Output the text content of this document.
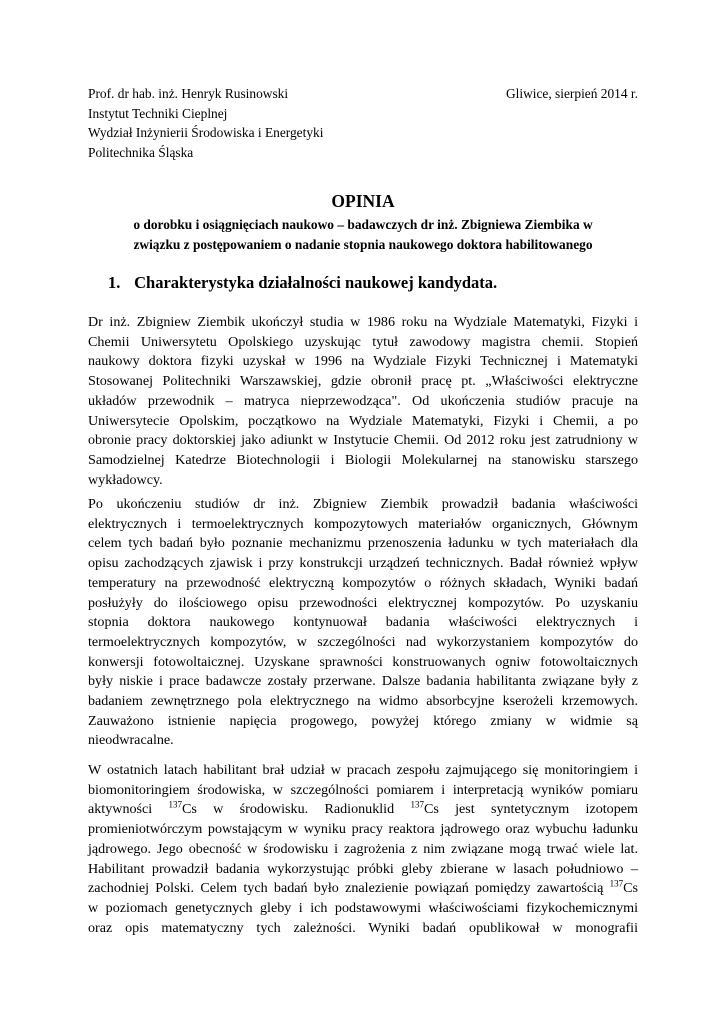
Prof. dr hab. inż. Henryk Rusinowski
Instytut Techniki Cieplnej
Wydział Inżynierii Środowiska i Energetyki
Politechnika Śląska
Gliwice, sierpień 2014 r.
OPINIA
o dorobku i osiągnięciach naukowo – badawczych dr inż. Zbigniewa Ziembika w
związku z postępowaniem o nadanie stopnia naukowego doktora habilitowanego
1. Charakterystyka działalności naukowej kandydata.
Dr inż. Zbigniew Ziembik ukończył studia w 1986 roku na Wydziale Matematyki, Fizyki i
Chemii Uniwersytetu Opolskiego uzyskując tytuł zawodowy magistra chemii. Stopień
naukowy doktora fizyki uzyskał w 1996 na Wydziale Fizyki Technicznej i Matematyki
Stosowanej Politechniki Warszawskiej, gdzie obronił pracę pt. „Właściwości elektryczne
układów przewodnik – matryca nieprzewodząca". Od ukończenia studiów pracuje na
Uniwersytecie Opolskim, początkowo na Wydziale Matematyki, Fizyki i Chemii, a po
obronie pracy doktorskiej jako adiunkt w Instytucie Chemii. Od 2012 roku jest zatrudniony w
Samodzielnej Katedrze Biotechnologii i Biologii Molekularnej na stanowisku starszego
wykładowcy.
Po ukończeniu studiów dr inż. Zbigniew Ziembik prowadził badania właściwości
elektrycznych i termoelektrycznych kompozytowych materiałów organicznych, Głównym
celem tych badań było poznanie mechanizmu przenoszenia ładunku w tych materiałach dla
opisu zachodzących zjawisk i przy konstrukcji urządzeń technicznych. Badał również wpływ
temperatury na przewodność elektryczną kompozytów o różnych składach, Wyniki badań
posłużyły do ilościowego opisu przewodności elektrycznej kompozytów. Po uzyskaniu
stopnia doktora naukowego kontynuował badania właściwości elektrycznych i
termoelektrycznych kompozytów, w szczególności nad wykorzystaniem kompozytów do
konwersji fotowoltaicznej. Uzyskane sprawności konstruowanych ogniw fotowoltaicznych
były niskie i prace badawcze zostały przerwane. Dalsze badania habilitanta związane były z
badaniem zewnętrznego pola elektrycznego na widmo absorbcyjne kserożeli krzemowych.
Zauważono istnienie napięcia progowego, powyżej którego zmiany w widmie są
nieodwracalne.
W ostatnich latach habilitant brał udział w pracach zespołu zajmującego się monitoringiem i
biomonitoringiem środowiska, w szczególności pomiarem i interpretacją wyników pomiaru
aktywności $^{137}$Cs w środowisku. Radionuklid $^{137}$Cs jest syntetycznym izotopem
promieniotwórczym powstającym w wyniku pracy reaktora jądrowego oraz wybuchu ładunku
jądrowego. Jego obecność w środowisku i zagrożenia z nim związane mogą trwać wiele lat.
Habilitant prowadził badania wykorzystując próbki gleby zbierane w lasach południowo –
zachodniej Polski. Celem tych badań było znalezienie powiązań pomiędzy zawartością $^{137}$Cs
w poziomach genetycznych gleby i ich podstawowymi właściwościami fizykochemicznymi
oraz opis matematyczny tych zależności. Wyniki badań opublikował w monografii
